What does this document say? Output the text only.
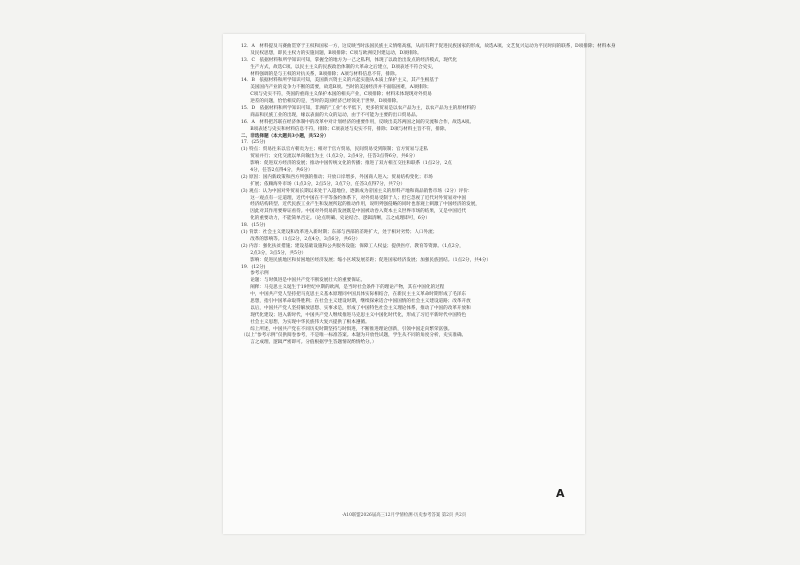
12．A　材料提及马赛曲贯穿于王权和国家一方，这反映当时法国民族主义情绪高涨，从而有利于促进民族国家的形成，故选A项。文艺复兴运动为平民时间的联系，D项排除；材料本身
　　及民权思想，即民主权力的实施问题，B项排除；C项与欧洲反封建运动，D项排除。
13．C　依据材料和所学知识可知，掌握全的地方为一己之私利，体现了以政治出发点的经济模式，现代化
　　生产方式，故选C项。以民主主义的民族政治体制的大革命之后建立，D项表述不符合史实，
　　材料强调的是与王权的对抗关系，B项排除；A项与材料信息不符，排除。
14．B　依据材料和所学知识可知，美国新兴资主义的兴起实施从本质上保护主义，其产生根基于
　　美国国内产业的竞争力不断的需要，故选B项。当时的美国经济并不面临困难，A项排除；
　　C项与史实不符，英国的重商主义保护本国的相关产业，C项排除；材料未体现现对外贸易
　　逆差的问题，恰恰相反的是，当时的美国经济已经领先于世界，D项排除。
15．D　依据材料和所学知识可知，非洲的“工业”水平低下，更多的贸易是以农产品为主，以农产品为主的原材料的
　　商品和民族工业的出现，缘以表面的大众的运动，由于不可能为主要的出口贸易品。
16．A　材料把苏联在经济体制中的改革中对计划经济的重要作用，反映出美苏两国之间的交流和合作，故选A项。
　　B项表述与史实和材料信息不符，排除；C项表述与史实不符，排除；D项与材料主旨不符，排除。
二、非选择题（本大题共3小题，共52分）
17．(25分)
(1) 特点：贸易往来以官方朝贡为主；相对于官方贸易，民间贸易受到限制；官方贸易与走私
　　贸易并行；文化交流以单向输出为主（1点2分，2点4分，任答3点得6分，共6分）
　　影响：促进双方经济的发展；推动中国传统文化的传播；推进了双方相互交往和联系（1点2分，2点
　　4分，任答2点得4分，共6分）
(2) 原因：国内新政策和西方列强的推动；开放口岸增多，外国商人进入；贸易结构变化；市场
　　扩展；依赖海外市场（1点3分，2点5分，3点7分，任答3点得7分，共7分）
(3) 观点：认为中国对外贸易长期以来处于入超地位，逐渐成为帝国主义的原料产地和商品销售市场（2分）评价：
　　这一观点有一定道理，近代中国在不平等条约体系下，对外贸易受制于人；但它忽视了近代对外贸易对中国
　　经济结构转型、近代民族工业产生和发展所起的推动作用，说明列强侵略的同时也客观上刺激了中国经济的发展，
　　因此对其作用要辩证看待。中国对外贸易的发展既是中国被动卷入资本主义世界市场的结果，又是中国近代
　　化的重要动力，不能简单否定。（论点明确、史论结合、逻辑清晰，言之成理即可，6分）
18．(15分)
(1) 背景：社会主义建设和改革进入新时期；东部与西部的差距扩大，处于相对劣势；人口外流；
　　改革的影响等。（1点2分，2点4分，3点6分，共6分）
(2) 内容：强化扶贫措施；建设基础设施和公共服务设施；保障工人权益；提供医疗、教育等资源。（1点2分，
　　2点3分，3点5分，共5分）
　　影响：促进民族地区和贫困地区经济发展；缩小区域发展差距；促进国家经济发展；加强民族团结。（1点2分，共4分）
19．(12分)
　　参考示例
　　论题：与时俱进是中国共产党不断发展壮大的重要保证。
　　阐释：马克思主义诞生于19世纪中期的欧洲，是当时社会条件下的理论产物，其在中国化的过程
　　中，中国共产党人坚持把马克思主义基本原理同中国具体实际相结合，在新民主主义革命时期形成了毛泽东
　　思想，指引中国革命取得胜利；在社会主义建设时期，继续探索适合中国国情的社会主义建设道路；改革开放
　　以后，中国共产党人坚持解放思想、实事求是，形成了中国特色社会主义理论体系，推动了中国的改革开放和
　　现代化建设；进入新时代，中国共产党人继续推进马克思主义中国化时代化，形成了习近平新时代中国特色
　　社会主义思想，为实现中华民族伟大复兴提供了根本遵循。
　　综上所述，中国共产党在不同历史时期坚持与时俱进，不断推进理论创新，引领中国走向繁荣富强。
（以上“参考示例”仅供阅卷参考，不是唯一标准答案。本题为开放性试题，学生从不同的角度分析，史实准确、
　　言之成理、逻辑严密即可。分值根据学生答题情况酌情给分。）
·A10联盟2026届高三12月学情检测·历史参考答案 第2页 共2页
A
